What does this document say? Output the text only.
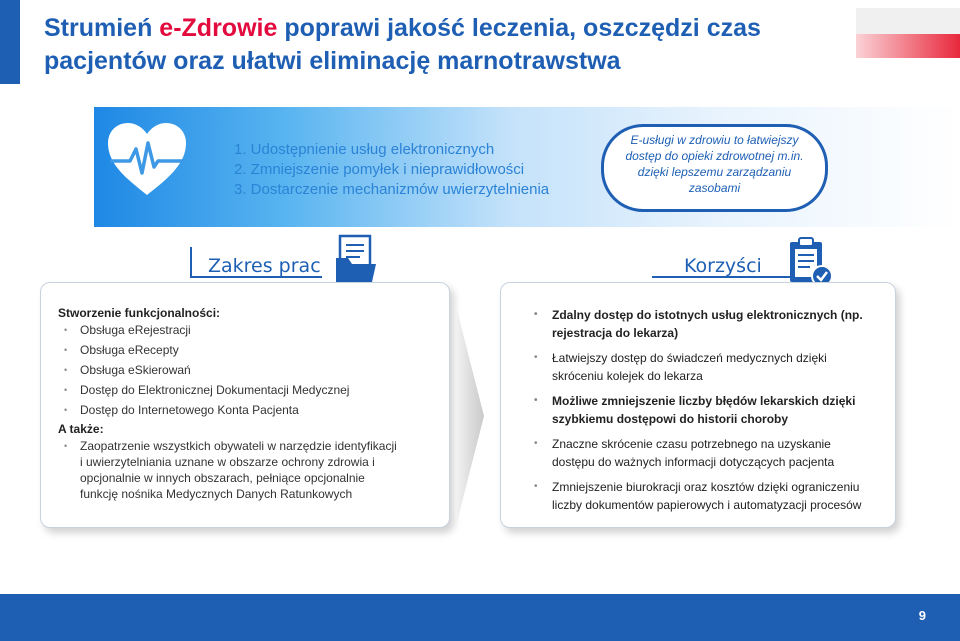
Strumień e-Zdrowie poprawi jakość leczenia, oszczędzi czas pacjentów oraz ułatwi eliminację marnotrawstwa
1. Udostępnienie usług elektronicznych
2. Zmniejszenie pomyłek i nieprawidłowości
3. Dostarczenie mechanizmów uwierzytelnienia

E-usługi w zdrowiu to łatwiejszy dostęp do opieki zdrowotnej m.in. dzięki lepszemu zarządzaniu zasobami

Zakres prac	Korzyści
Stworzenie funkcjonalności:
• Obsługa eRejestracji
• Obsługa eRecepty
• Obsługa eSkierowań
• Dostęp do Elektronicznej Dokumentacji Medycznej
• Dostęp do Internetowego Konta Pacjenta
A także:
• Zaopatrzenie wszystkich obywateli w narzędzie identyfikacji i uwierzytelniania uznane w obszarze ochrony zdrowia i opcjonalnie w innych obszarach, pełniące opcjonalnie funkcję nośnika Medycznych Danych Ratunkowych
• Zdalny dostęp do istotnych usług elektronicznych (np. rejestracja do lekarza)
• Łatwiejszy dostęp do świadczeń medycznych dzięki skróceniu kolejek do lekarza
• Możliwe zmniejszenie liczby błędów lekarskich dzięki szybkiemu dostępowi do historii choroby
• Znaczne skrócenie czasu potrzebnego na uzyskanie dostępu do ważnych informacji dotyczących pacjenta
• Zmniejszenie biurokracji oraz kosztów dzięki ograniczeniu liczby dokumentów papierowych i automatyzacji procesów
9
